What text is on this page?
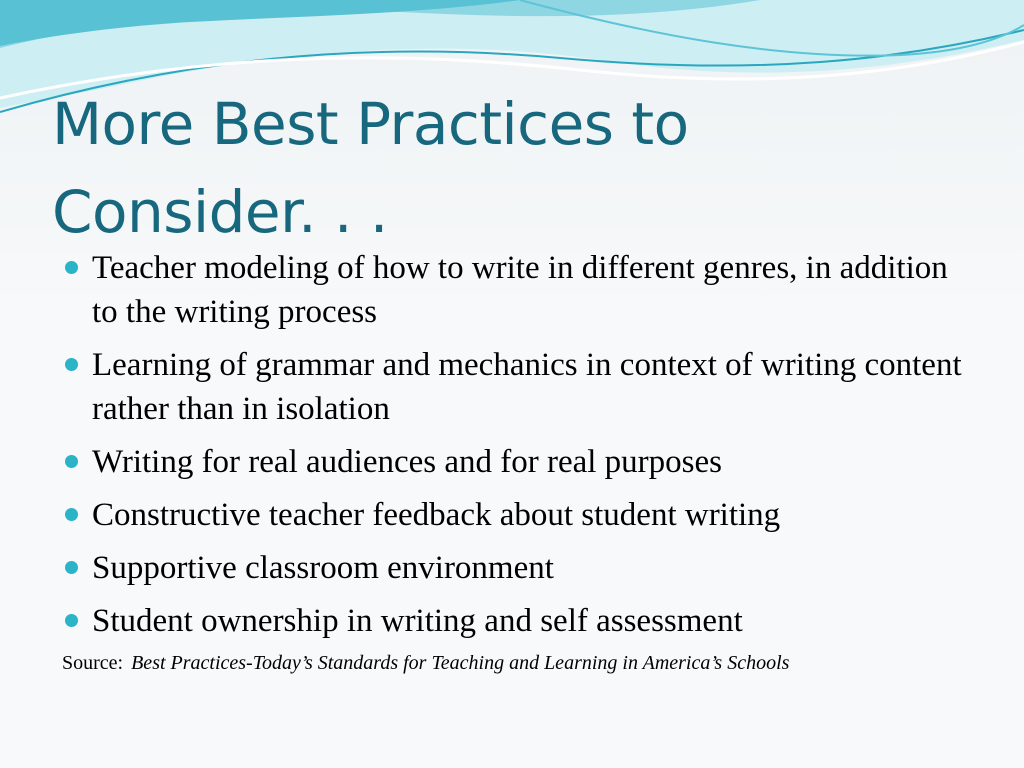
More Best Practices to
Consider. . .
Teacher modeling of how to write in different genres, in addition to the writing process
Learning of grammar and mechanics in context of writing content rather than in isolation
Writing for real audiences and for real purposes
Constructive teacher feedback about student writing
Supportive classroom environment
Student ownership in writing and self assessment

Source: Best Practices-Today’s Standards for Teaching and Learning in America’s Schools
